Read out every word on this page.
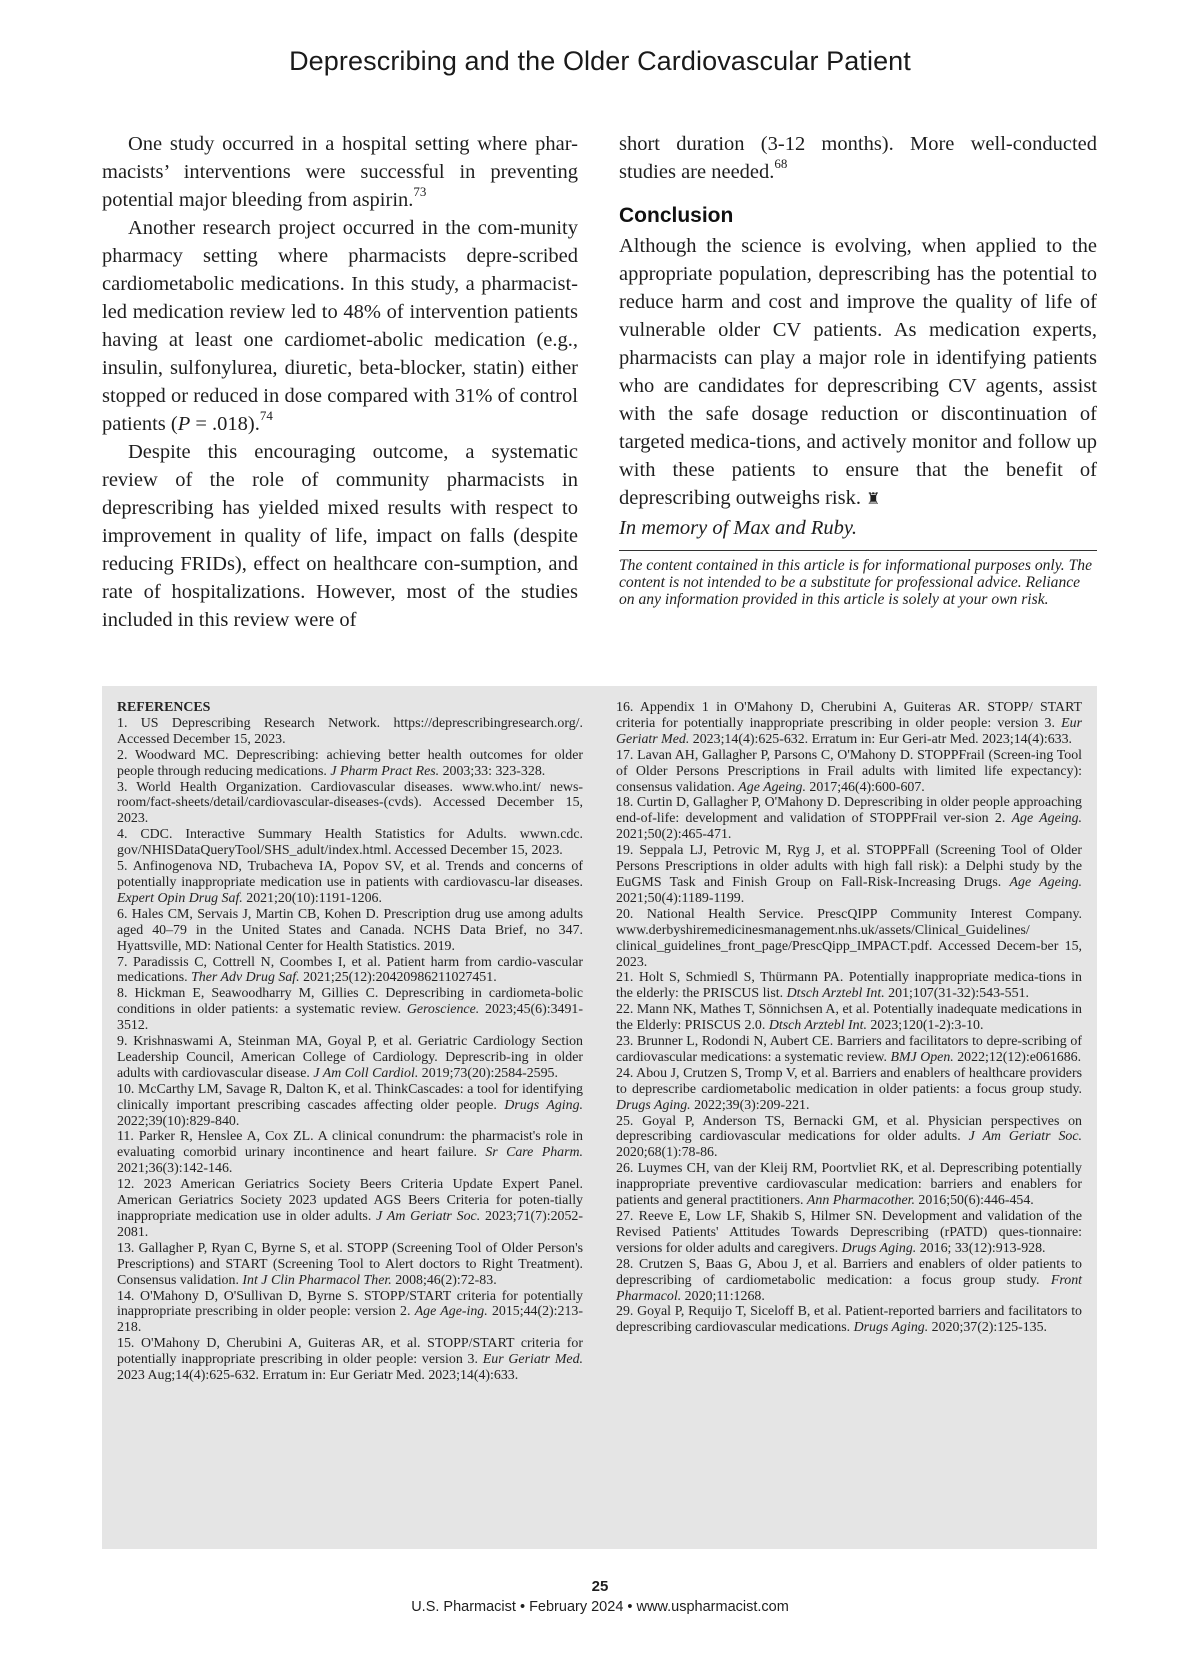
Deprescribing and the Older Cardiovascular Patient

One study occurred in a hospital setting where phar-macists’ interventions were successful in preventing potential major bleeding from aspirin.$^{73}$

Another research project occurred in the com-munity pharmacy setting where pharmacists depre-scribed cardiometabolic medications. In this study, a pharmacist-led medication review led to 48% of intervention patients having at least one cardiomet-abolic medication (e.g., insulin, sulfonylurea, diuretic, beta-blocker, statin) either stopped or reduced in dose compared with 31% of control patients (P = .018).$^{74}$

Despite this encouraging outcome, a systematic review of the role of community pharmacists in deprescribing has yielded mixed results with respect to improvement in quality of life, impact on falls (despite reducing FRIDs), effect on healthcare con-sumption, and rate of hospitalizations. However, most of the studies included in this review were of

short duration (3-12 months). More well-conducted studies are needed.$^{68}$

Conclusion

Although the science is evolving, when applied to the appropriate population, deprescribing has the potential to reduce harm and cost and improve the quality of life of vulnerable older CV patients. As medication experts, pharmacists can play a major role in identifying patients who are candidates for deprescribing CV agents, assist with the safe dosage reduction or discontinuation of targeted medica-tions, and actively monitor and follow up with these patients to ensure that the benefit of deprescribing outweighs risk. ♜

In memory of Max and Ruby.

The content contained in this article is for informational purposes only. The content is not intended to be a substitute for professional advice. Reliance on any information provided in this article is solely at your own risk.
REFERENCES

1. US Deprescribing Research Network. https://deprescribingresearch.org/. Accessed December 15, 2023.

2. Woodward MC. Deprescribing: achieving better health outcomes for older people through reducing medications. J Pharm Pract Res. 2003;33: 323-328.

3. World Health Organization. Cardiovascular diseases. www.who.int/ news-room/fact-sheets/detail/cardiovascular-diseases-(cvds). Accessed December 15, 2023.

4. CDC. Interactive Summary Health Statistics for Adults. wwwn.cdc. gov/NHISDataQueryTool/SHS_adult/index.html. Accessed December 15, 2023.

5. Anfinogenova ND, Trubacheva IA, Popov SV, et al. Trends and concerns of potentially inappropriate medication use in patients with cardiovascu-lar diseases. Expert Opin Drug Saf. 2021;20(10):1191-1206.

6. Hales CM, Servais J, Martin CB, Kohen D. Prescription drug use among adults aged 40–79 in the United States and Canada. NCHS Data Brief, no 347. Hyattsville, MD: National Center for Health Statistics. 2019.

7. Paradissis C, Cottrell N, Coombes I, et al. Patient harm from cardio-vascular medications. Ther Adv Drug Saf. 2021;25(12):20420986211027451.

8. Hickman E, Seawoodharry M, Gillies C. Deprescribing in cardiometa-bolic conditions in older patients: a systematic review. Geroscience. 2023;45(6):3491-3512.

9. Krishnaswami A, Steinman MA, Goyal P, et al. Geriatric Cardiology Section Leadership Council, American College of Cardiology. Deprescrib-ing in older adults with cardiovascular disease. J Am Coll Cardiol. 2019;73(20):2584-2595.

10. McCarthy LM, Savage R, Dalton K, et al. ThinkCascades: a tool for identifying clinically important prescribing cascades affecting older people. Drugs Aging. 2022;39(10):829-840.

11. Parker R, Henslee A, Cox ZL. A clinical conundrum: the pharmacist's role in evaluating comorbid urinary incontinence and heart failure. Sr Care Pharm. 2021;36(3):142-146.

12. 2023 American Geriatrics Society Beers Criteria Update Expert Panel. American Geriatrics Society 2023 updated AGS Beers Criteria for poten-tially inappropriate medication use in older adults. J Am Geriatr Soc. 2023;71(7):2052-2081.

13. Gallagher P, Ryan C, Byrne S, et al. STOPP (Screening Tool of Older Person's Prescriptions) and START (Screening Tool to Alert doctors to Right Treatment). Consensus validation. Int J Clin Pharmacol Ther. 2008;46(2):72-83.

14. O'Mahony D, O'Sullivan D, Byrne S. STOPP/START criteria for potentially inappropriate prescribing in older people: version 2. Age Age-ing. 2015;44(2):213-218.

15. O'Mahony D, Cherubini A, Guiteras AR, et al. STOPP/START criteria for potentially inappropriate prescribing in older people: version 3. Eur Geriatr Med. 2023 Aug;14(4):625-632. Erratum in: Eur Geriatr Med. 2023;14(4):633.

16. Appendix 1 in O'Mahony D, Cherubini A, Guiteras AR. STOPP/ START criteria for potentially inappropriate prescribing in older people: version 3. Eur Geriatr Med. 2023;14(4):625-632. Erratum in: Eur Geri-atr Med. 2023;14(4):633.

17. Lavan AH, Gallagher P, Parsons C, O'Mahony D. STOPPFrail (Screen-ing Tool of Older Persons Prescriptions in Frail adults with limited life expectancy): consensus validation. Age Ageing. 2017;46(4):600-607.

18. Curtin D, Gallagher P, O'Mahony D. Deprescribing in older people approaching end-of-life: development and validation of STOPPFrail ver-sion 2. Age Ageing. 2021;50(2):465-471.

19. Seppala LJ, Petrovic M, Ryg J, et al. STOPPFall (Screening Tool of Older Persons Prescriptions in older adults with high fall risk): a Delphi study by the EuGMS Task and Finish Group on Fall-Risk-Increasing Drugs. Age Ageing. 2021;50(4):1189-1199.

20. National Health Service. PrescQIPP Community Interest Company. www.derbyshiremedicinesmanagement.nhs.uk/assets/Clinical_Guidelines/ clinical_guidelines_front_page/PrescQipp_IMPACT.pdf. Accessed Decem-ber 15, 2023.

21. Holt S, Schmiedl S, Thürmann PA. Potentially inappropriate medica-tions in the elderly: the PRISCUS list. Dtsch Arztebl Int. 201;107(31-32):543-551.

22. Mann NK, Mathes T, Sönnichsen A, et al. Potentially inadequate medications in the Elderly: PRISCUS 2.0. Dtsch Arztebl Int. 2023;120(1-2):3-10.

23. Brunner L, Rodondi N, Aubert CE. Barriers and facilitators to depre-scribing of cardiovascular medications: a systematic review. BMJ Open. 2022;12(12):e061686.

24. Abou J, Crutzen S, Tromp V, et al. Barriers and enablers of healthcare providers to deprescribe cardiometabolic medication in older patients: a focus group study. Drugs Aging. 2022;39(3):209-221.

25. Goyal P, Anderson TS, Bernacki GM, et al. Physician perspectives on deprescribing cardiovascular medications for older adults. J Am Geriatr Soc. 2020;68(1):78-86.

26. Luymes CH, van der Kleij RM, Poortvliet RK, et al. Deprescribing potentially inappropriate preventive cardiovascular medication: barriers and enablers for patients and general practitioners. Ann Pharmacother. 2016;50(6):446-454.

27. Reeve E, Low LF, Shakib S, Hilmer SN. Development and validation of the Revised Patients' Attitudes Towards Deprescribing (rPATD) ques-tionnaire: versions for older adults and caregivers. Drugs Aging. 2016; 33(12):913-928.

28. Crutzen S, Baas G, Abou J, et al. Barriers and enablers of older patients to deprescribing of cardiometabolic medication: a focus group study. Front Pharmacol. 2020;11:1268.

29. Goyal P, Requijo T, Siceloff B, et al. Patient-reported barriers and facilitators to deprescribing cardiovascular medications. Drugs Aging. 2020;37(2):125-135.

25
U.S. Pharmacist • February 2024 • www.uspharmacist.com
